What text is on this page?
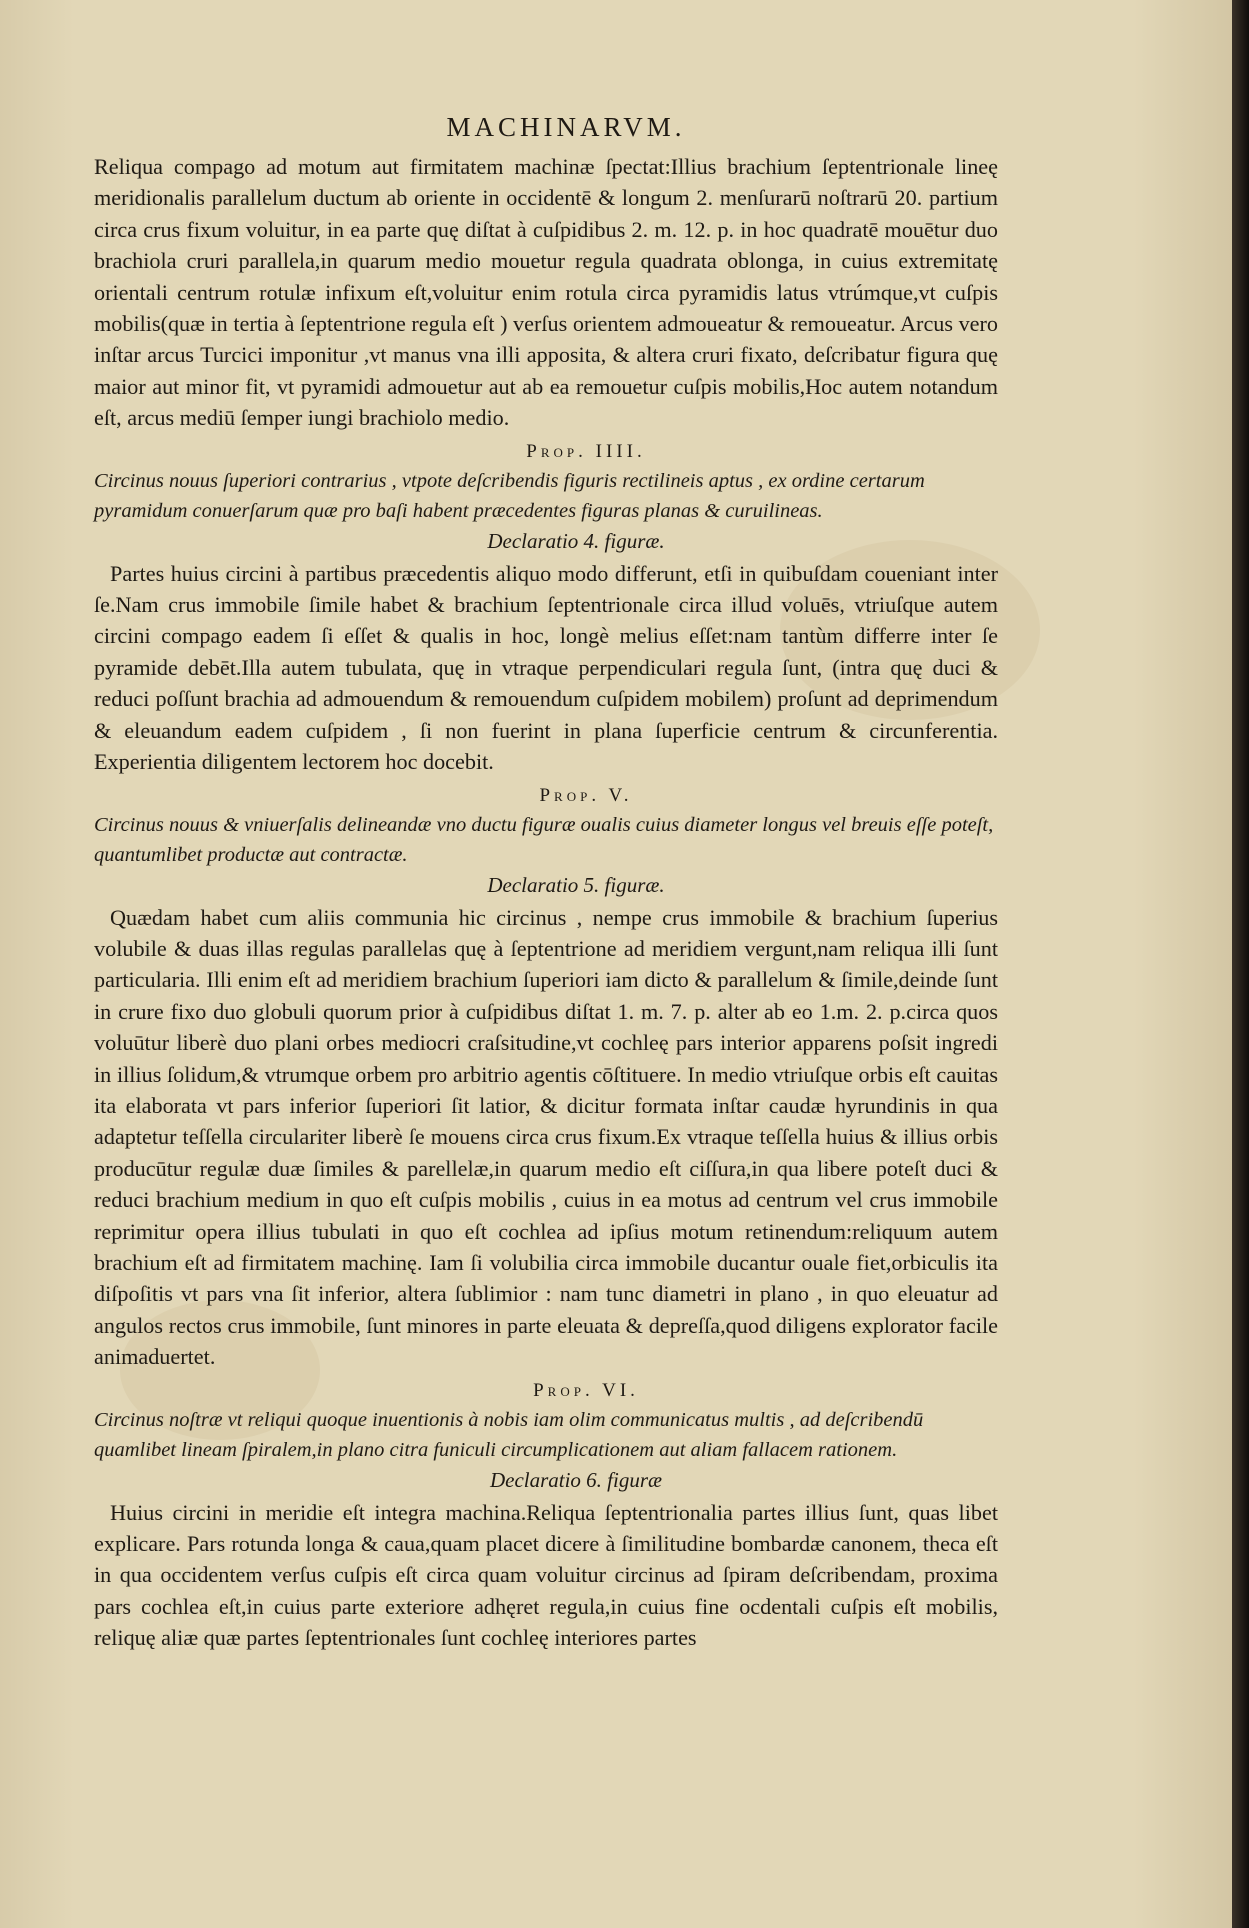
MACHINARVM.

Reliqua compago ad motum aut firmitatem machinæ ſpectat:Illius brachium ſeptentrionale lineę meridionalis parallelum ductum ab oriente in occidentē & longum 2. menſurarū noſtrarū 20. partium circa crus fixum voluitur, in ea parte quę diſtat à cuſpidibus 2. m. 12. p. in hoc quadratē mouētur duo brachiola cruri parallela,in quarum medio mouetur regula quadrata oblonga, in cuius extremitatę orientali centrum rotulæ infixum eſt,voluitur enim rotula circa pyramidis latus vtrúmque,vt cuſpis mobilis(quæ in tertia à ſeptentrione regula eſt ) verſus orientem admoueatur & remoueatur. Arcus vero inſtar arcus Turcici imponitur ,vt manus vna illi apposita, & altera cruri fixato, deſcribatur figura quę maior aut minor fit, vt pyramidi admouetur aut ab ea remouetur cuſpis mobilis,Hoc autem notandum eſt, arcus mediū ſemper iungi brachiolo medio.

Prop. IIII.

Circinus nouus ſuperiori contrarius , vtpote deſcribendis figuris rectilineis aptus , ex ordine certarum pyramidum conuerſarum quæ pro baſi habent præcedentes figuras planas & curuilineas.

Declaratio 4. figuræ.

Partes huius circini à partibus præcedentis aliquo modo differunt, etſi in quibuſdam coueniant inter ſe.Nam crus immobile ſimile habet & brachium ſeptentrionale circa illud voluēs, vtriuſque autem circini compago eadem ſi eſſet & qualis in hoc, longè melius eſſet:nam tantùm differre inter ſe pyramide debēt.Illa autem tubulata, quę in vtraque perpendiculari regula ſunt, (intra quę duci & reduci poſſunt brachia ad admouendum & remouendum cuſpidem mobilem) proſunt ad deprimendum & eleuandum eadem cuſpidem , ſi non fuerint in plana ſuperficie centrum & circunferentia. Experientia diligentem lectorem hoc docebit.

Prop. V.

Circinus nouus & vniuerſalis delineandæ vno ductu figuræ oualis cuius diameter longus vel breuis eſſe poteſt, quantumlibet productæ aut contractæ.

Declaratio 5. figuræ.

Quædam habet cum aliis communia hic circinus , nempe crus immobile & brachium ſuperius volubile & duas illas regulas parallelas quę à ſeptentrione ad meridiem vergunt,nam reliqua illi ſunt particularia. Illi enim eſt ad meridiem brachium ſuperiori iam dicto & parallelum & ſimile,deinde ſunt in crure fixo duo globuli quorum prior à cuſpidibus diſtat 1. m. 7. p. alter ab eo 1.m. 2. p.circa quos voluūtur liberè duo plani orbes mediocri craſsitudine,vt cochleę pars interior apparens poſsit ingredi in illius ſolidum,& vtrumque orbem pro arbitrio agentis cōſtituere. In medio vtriuſque orbis eſt cauitas ita elaborata vt pars inferior ſuperiori ſit latior, & dicitur formata inſtar caudæ hyrundinis in qua adaptetur teſſella circulariter liberè ſe mouens circa crus fixum.Ex vtraque teſſella huius & illius orbis producūtur regulæ duæ ſimiles & parellelæ,in quarum medio eſt ciſſura,in qua libere poteſt duci & reduci brachium medium in quo eſt cuſpis mobilis , cuius in ea motus ad centrum vel crus immobile reprimitur opera illius tubulati in quo eſt cochlea ad ipſius motum retinendum:reliquum autem brachium eſt ad firmitatem machinę. Iam ſi volubilia circa immobile ducantur ouale fiet,orbiculis ita diſpoſitis vt pars vna ſit inferior, altera ſublimior : nam tunc diametri in plano , in quo eleuatur ad angulos rectos crus immobile, ſunt minores in parte eleuata & depreſſa,quod diligens explorator facile animaduertet.

Prop. VI.

Circinus noſtræ vt reliqui quoque inuentionis à nobis iam olim communicatus multis , ad deſcribendū quamlibet lineam ſpiralem,in plano citra funiculi circumplicationem aut aliam fallacem rationem.

Declaratio 6. figuræ

Huius circini in meridie eſt integra machina.Reliqua ſeptentrionalia partes illius ſunt, quas libet explicare. Pars rotunda longa & caua,quam placet dicere à ſimilitudine bombardæ canonem, theca eſt in qua occidentem verſus cuſpis eſt circa quam voluitur circinus ad ſpiram deſcribendam, proxima pars cochlea eſt,in cuius parte exteriore adhęret regula,in cuius fine ocdentali cuſpis eſt mobilis, reliquę aliæ quæ partes ſeptentrionales ſunt cochleę interiores partes
